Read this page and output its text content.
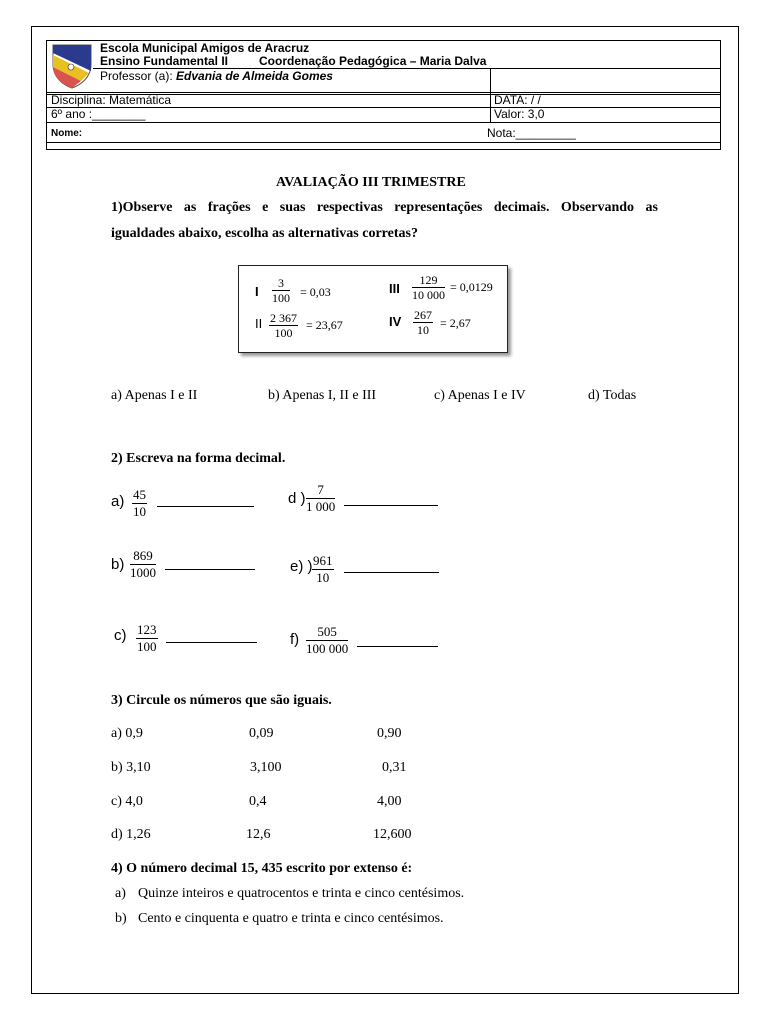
Escola Municipal Amigos de Aracruz
Ensino Fundamental II	Coordenação Pedagógica – Maria Dalva
Professor (a): Edvania de Almeida Gomes
Disciplina: Matemática	DATA: / /
6º ano :________	Valor: 3,0
Nome:	Nota:_________
AVALIAÇÃO III TRIMESTRE
1)Observe as frações e suas respectivas representações decimais. Observando as
igualdades abaixo, escolha as alternativas corretas?
I $\frac{3}{100} = 0,03$
II $\frac{2 367}{100} = 23,67$
III $\frac{129}{10 000} = 0,0129$
IV $\frac{267}{10} = 2,67$
a) Apenas I e II	b) Apenas I, II e III	c) Apenas I e IV	d) Todas
2) Escreva na forma decimal.
$a) \frac{45}{10}$
$b) \frac{869}{1000}$
$c) \frac{123}{100}$
d ) $\frac{7}{1 000}$
e) ) $\frac{961}{10}$
$f) \frac{505}{100 000}$
3) Circule os números que são iguais.
a) 0,9	0,09	0,90
b) 3,10	3,100	0,31
c) 4,0	0,4	4,00
d) 1,26	12,6	12,600
4) O número decimal 15, 435 escrito por extenso é:
a) Quinze inteiros e quatrocentos e trinta e cinco centésimos.
b) Cento e cinquenta e quatro e trinta e cinco centésimos.
